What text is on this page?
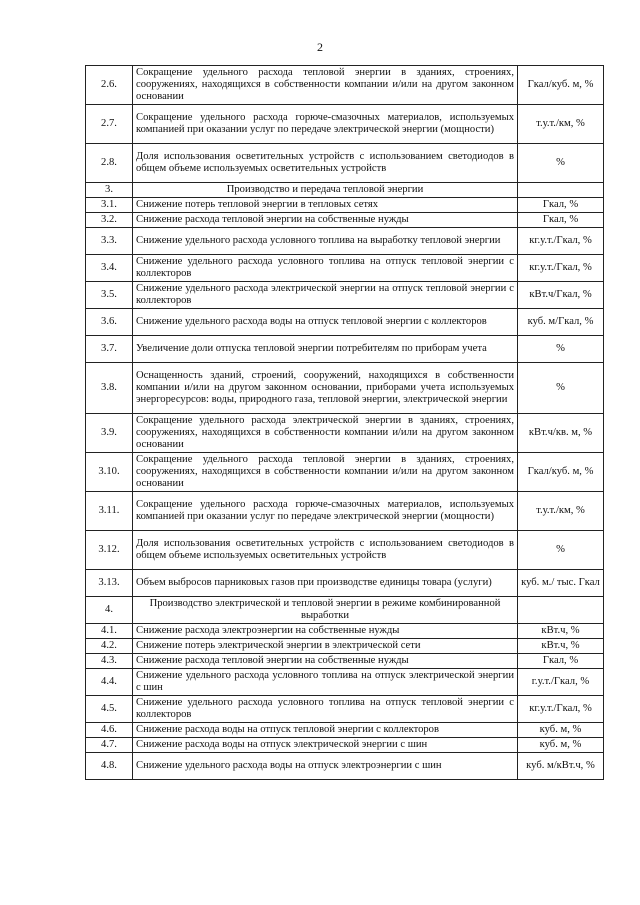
2
2.6.	Сокращение удельного расхода тепловой энергии в зданиях, строениях, сооружениях, находящихся в собственности компании и/или на другом законном основании	Гкал/куб. м, %
2.7.	Сокращение удельного расхода горюче-смазочных материалов, используемых компанией при оказании услуг по передаче электрической энергии (мощности)	т.у.т./км, %
2.8.	Доля использования осветительных устройств с использованием светодиодов в общем объеме используемых осветительных устройств	%
3.	Производство и передача тепловой энергии	
3.1.	Снижение потерь тепловой энергии в тепловых сетях	Гкал, %
3.2.	Снижение расхода тепловой энергии на собственные нужды	Гкал, %
3.3.	Снижение удельного расхода условного топлива на выработку тепловой энергии	кг.у.т./Гкал, %
3.4.	Снижение удельного расхода условного топлива на отпуск тепловой энергии с коллекторов	кг.у.т./Гкал, %
3.5.	Снижение удельного расхода электрической энергии на отпуск тепловой энергии с коллекторов	кВт.ч/Гкал, %
3.6.	Снижение удельного расхода воды на отпуск тепловой энергии с коллекторов	куб. м/Гкал, %
3.7.	Увеличение доли отпуска тепловой энергии потребителям по приборам учета	%
3.8.	Оснащенность зданий, строений, сооружений, находящихся в собственности компании и/или на другом законном основании, приборами учета используемых энергоресурсов: воды, природного газа, тепловой энергии, электрической энергии	%
3.9.	Сокращение удельного расхода электрической энергии в зданиях, строениях, сооружениях, находящихся в собственности компании и/или на другом законном основании	кВт.ч/кв. м, %
3.10.	Сокращение удельного расхода тепловой энергии в зданиях, строениях, сооружениях, находящихся в собственности компании и/или на другом законном основании	Гкал/куб. м, %
3.11.	Сокращение удельного расхода горюче-смазочных материалов, используемых компанией при оказании услуг по передаче электрической энергии (мощности)	т.у.т./км, %
3.12.	Доля использования осветительных устройств с использованием светодиодов в общем объеме используемых осветительных устройств	%
3.13.	Объем выбросов парниковых газов при производстве единицы товара (услуги)	куб. м./ тыс. Гкал
4.	Производство электрической и тепловой энергии в режиме комбинированной выработки	
4.1.	Снижение расхода электроэнергии на собственные нужды	кВт.ч, %
4.2.	Снижение потерь электрической энергии в электрической сети	кВт.ч, %
4.3.	Снижение расхода тепловой энергии на собственные нужды	Гкал, %
4.4.	Снижение удельного расхода условного топлива на отпуск электрической энергии с шин	г.у.т./Гкал, %
4.5.	Снижение удельного расхода условного топлива на отпуск тепловой энергии с коллекторов	кг.у.т./Гкал, %
4.6.	Снижение расхода воды на отпуск тепловой энергии с коллекторов	куб. м, %
4.7.	Снижение расхода воды на отпуск электрической энергии с шин	куб. м, %
4.8.	Снижение удельного расхода воды на отпуск электроэнергии с шин	куб. м/кВт.ч, %
